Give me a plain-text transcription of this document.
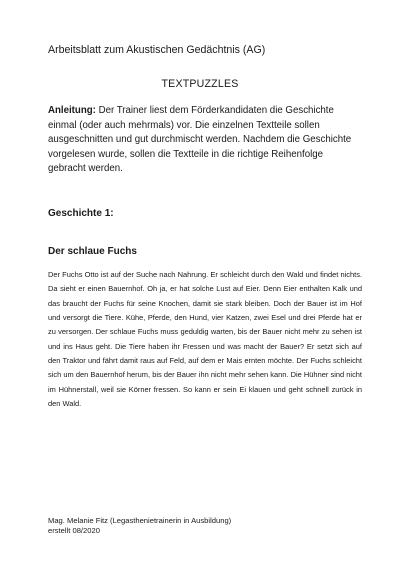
Arbeitsblatt zum Akustischen Gedächtnis (AG)
TEXTPUZZLES
Anleitung: Der Trainer liest dem Förderkandidaten die Geschichte einmal (oder auch mehrmals) vor. Die einzelnen Textteile sollen ausgeschnitten und gut durchmischt werden. Nachdem die Geschichte vorgelesen wurde, sollen die Textteile in die richtige Reihenfolge gebracht werden.
Geschichte 1:
Der schlaue Fuchs
Der Fuchs Otto ist auf der Suche nach Nahrung. Er schleicht durch den Wald und findet nichts. Da sieht er einen Bauernhof. Oh ja, er hat solche Lust auf Eier. Denn Eier enthalten Kalk und das braucht der Fuchs für seine Knochen, damit sie stark bleiben. Doch der Bauer ist im Hof und versorgt die Tiere. Kühe, Pferde, den Hund, vier Katzen, zwei Esel und drei Pferde hat er zu versorgen. Der schlaue Fuchs muss geduldig warten, bis der Bauer nicht mehr zu sehen ist und ins Haus geht. Die Tiere haben ihr Fressen und was macht der Bauer? Er setzt sich auf den Traktor und fährt damit raus auf Feld, auf dem er Mais ernten möchte. Der Fuchs schleicht sich um den Bauernhof herum, bis der Bauer ihn nicht mehr sehen kann. Die Hühner sind nicht im Hühnerstall, weil sie Körner fressen. So kann er sein Ei klauen und geht schnell zurück in den Wald.
Mag. Melanie Fitz (Legasthenietrainerin in Ausbildung)
erstellt 08/2020
